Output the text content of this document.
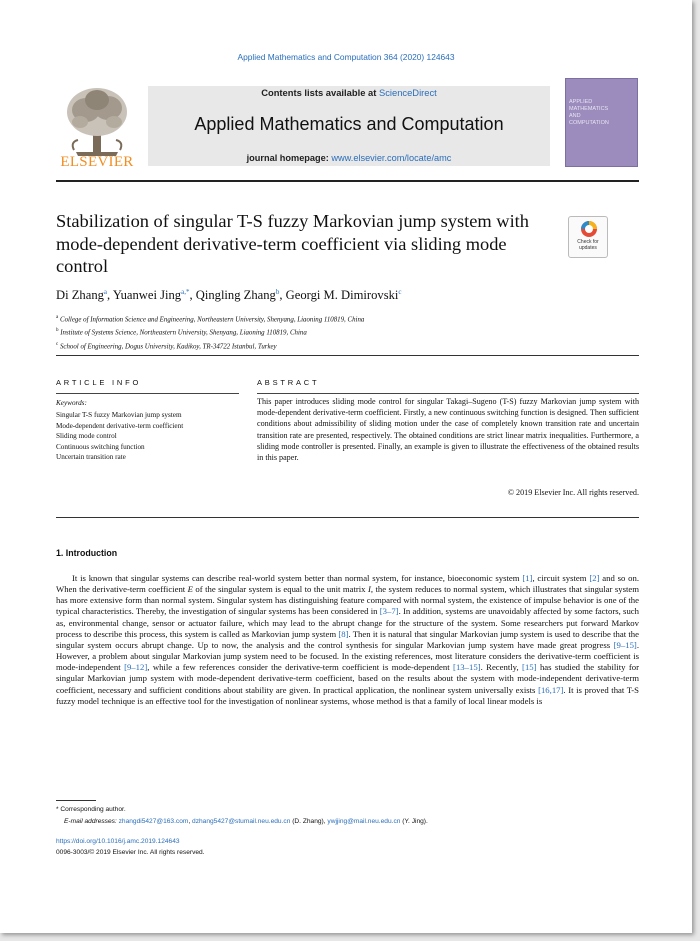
Applied Mathematics and Computation 364 (2020) 124643
ELSEVIER
Contents lists available at ScienceDirect
Applied Mathematics and Computation
journal homepage: www.elsevier.com/locate/amc
APPLIED
MATHEMATICS
AND
COMPUTATION
Stabilization of singular T-S fuzzy Markovian jump system with mode-dependent derivative-term coefficient via sliding mode control
Check for
updates
Di Zhang$^a$, Yuanwei Jing$^{a,*}$, Qingling Zhang$^b$, Georgi M. Dimirovski$^c$
$^a$ College of Information Science and Engineering, Northeastern University, Shenyang, Liaoning 110819, China
$^b$ Institute of Systems Science, Northeastern University, Shenyang, Liaoning 110819, China
$^c$ School of Engineering, Dogus University, Kadikoy, TR-34722 Istanbul, Turkey
ARTICLE INFO	ABSTRACT
Keywords:
Singular T-S fuzzy Markovian jump system
Mode-dependent derivative-term coefficient
Sliding mode control
Continuous switching function
Uncertain transition rate
This paper introduces sliding mode control for singular Takagi–Sugeno (T-S) fuzzy Markovian jump system with mode-dependent derivative-term coefficient. Firstly, a new continuous switching function is designed. Then sufficient conditions about admissibility of sliding motion under the case of completely known transition rate and uncertain transition rate are presented, respectively. The obtained conditions are strict linear matrix inequalities. Furthermore, a sliding mode controller is presented. Finally, an example is given to illustrate the effectiveness of the obtained results in this paper.
© 2019 Elsevier Inc. All rights reserved.
1. Introduction
It is known that singular systems can describe real-world system better than normal system, for instance, bioeconomic system [1], circuit system [2] and so on. When the derivative-term coefficient E of the singular system is equal to the unit matrix I, the system reduces to normal system, which illustrates that singular system has more extensive form than normal system. Singular system has distinguishing feature compared with normal system, the existence of impulse behavior is one of the typical characteristics. Thereby, the investigation of singular systems has been considered in [3–7]. In addition, systems are unavoidably affected by some factors, such as, environmental change, sensor or actuator failure, which may lead to the abrupt change for the structure of the system. Some researchers put forward Markov process to describe this process, this system is called as Markovian jump system [8]. Then it is natural that singular Markovian jump system is used to describe that the singular system occurs abrupt change. Up to now, the analysis and the control synthesis for singular Markovian jump system have made great progress [9–15]. However, a problem about singular Markovian jump system need to be focused. In the existing references, most literature considers the derivative-term coefficient is mode-independent [9–12], while a few references consider the derivative-term coefficient is mode-dependent [13–15]. Recently, [15] has studied the stability for singular Markovian jump system with mode-dependent derivative-term coefficient, based on the results about the system with mode-independent derivative-term coefficient, necessary and sufficient conditions about stability are given. In practical application, the nonlinear system universally exists [16,17]. It is proved that T-S fuzzy model technique is an effective tool for the investigation of nonlinear systems, whose method is that a family of local linear models is
* Corresponding author.
E-mail addresses: zhangdi5427@163.com, dzhang5427@stumail.neu.edu.cn (D. Zhang), ywjjing@mail.neu.edu.cn (Y. Jing).
https://doi.org/10.1016/j.amc.2019.124643
0096-3003/© 2019 Elsevier Inc. All rights reserved.
